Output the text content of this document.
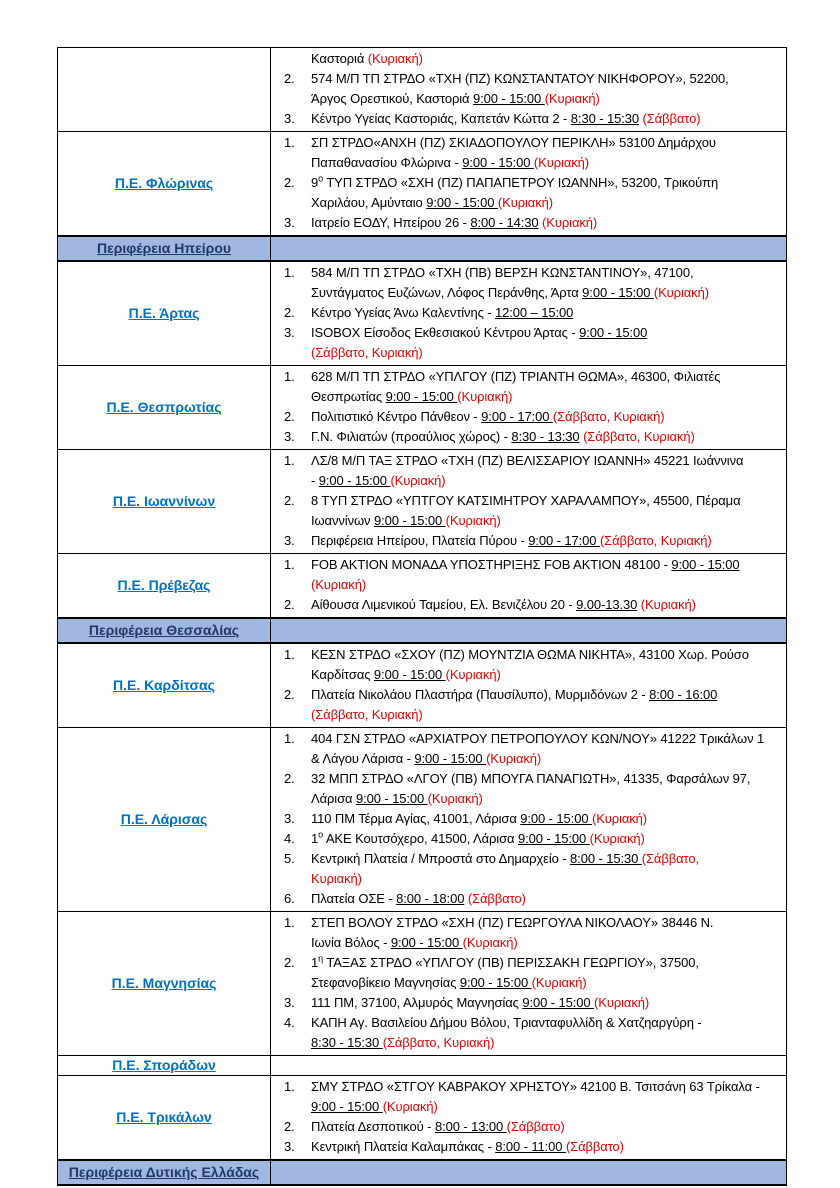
Καστοριά (Κυριακή)
2.	574 Μ/Π ΤΠ ΣΤΡΔΟ «ΤΧΗ (ΠΖ) ΚΩΝΣΤΑΝΤΑΤΟΥ ΝΙΚΗΦΟΡΟΥ», 52200,
Άργος Ορεστικού, Καστοριά 9:00 - 15:00 (Κυριακή)
3.	Κέντρο Υγείας Καστοριάς, Καπετάν Κώττα 2 - 8:30 - 15:30 (Σάββατο)

Π.Ε. Φλώρινας	
1.	ΣΠ ΣΤΡΔΟ«ΑΝΧΗ (ΠΖ) ΣΚΙΑΔΟΠΟΥΛΟΥ ΠΕΡΙΚΛΗ» 53100 Δημάρχου
Παπαθανασίου Φλώρινα - 9:00 - 15:00 (Κυριακή)
2.	$9^o$ ΤΥΠ ΣΤΡΔΟ «ΣΧΗ (ΠΖ) ΠΑΠΑΠΕΤΡΟΥ ΙΩΑΝΝΗ», 53200, Τρικούπη
Χαριλάου, Αμύνταιο 9:00 - 15:00 (Κυριακή)
3.	Ιατρείο ΕΟΔΥ, Ηπείρου 26 - 8:00 - 14:30 (Κυριακή)

Περιφέρεια Ηπείρου	
Π.Ε. Άρτας	
1.	584 Μ/Π ΤΠ ΣΤΡΔΟ «ΤΧΗ (ΠΒ) ΒΕΡΣΗ ΚΩΝΣΤΑΝΤΙΝΟΥ», 47100,
Συντάγματος Ευζώνων, Λόφος Περάνθης, Άρτα 9:00 - 15:00 (Κυριακή)
2.	Κέντρο Υγείας Άνω Καλεντίνης - 12:00 – 15:00
3.	ISOBOX Είσοδος Εκθεσιακού Κέντρου Άρτας - 9:00 - 15:00
(Σάββατο, Κυριακή)

Π.Ε. Θεσπρωτίας	
1.	628 Μ/Π ΤΠ ΣΤΡΔΟ «ΥΠΛΓΟΥ (ΠΖ) ΤΡΙΑΝΤΗ ΘΩΜΑ», 46300, Φιλιατές
Θεσπρωτίας 9:00 - 15:00 (Κυριακή)
2.	Πολιτιστικό Κέντρο Πάνθεον - 9:00 - 17:00 (Σάββατο, Κυριακή)
3.	Γ.Ν. Φιλιατών (προαύλιος χώρος) - 8:30 - 13:30 (Σάββατο, Κυριακή)

Π.Ε. Ιωαννίνων	
1.	ΛΣ/8 Μ/Π ΤΑΞ ΣΤΡΔΟ «ΤΧΗ (ΠΖ) ΒΕΛΙΣΣΑΡΙΟΥ ΙΩΑΝΝΗ» 45221 Ιωάννινα
- 9:00 - 15:00 (Κυριακή)
2.	8 ΤΥΠ ΣΤΡΔΟ «ΥΠΤΓΟΥ ΚΑΤΣΙΜΗΤΡΟΥ ΧΑΡΑΛΑΜΠΟΥ», 45500, Πέραμα
Ιωαννίνων 9:00 - 15:00 (Κυριακή)
3.	Περιφέρεια Ηπείρου, Πλατεία Πύρου - 9:00 - 17:00 (Σάββατο, Κυριακή)

Π.Ε. Πρέβεζας	1. FOB AKTION ΜΟΝΑΔΑ ΥΠΟΣΤΗΡΙΞΗΣ FOB AKTION 48100 - 9:00 - 15:00
(Κυριακή)
2. Αίθουσα Λιμενικού Ταμείου, Ελ. Βενιζέλου 20 - 9.00-13.30 (Κυριακή)

Περιφέρεια Θεσσαλίας	
Π.Ε. Καρδίτσας	
1.	ΚΕΣΝ ΣΤΡΔΟ «ΣΧΟΥ (ΠΖ) ΜΟΥΝΤΖΙΑ ΘΩΜΑ ΝΙΚΗΤΑ», 43100 Χωρ. Ρούσο
Καρδίτσας 9:00 - 15:00 (Κυριακή)
2.	Πλατεία Νικολάου Πλαστήρα (Παυσίλυπο), Μυρμιδόνων 2 - 8:00 - 16:00
(Σάββατο, Κυριακή)

Π.Ε. Λάρισας	
1.	404 ΓΣΝ ΣΤΡΔΟ «ΑΡΧΙΑΤΡΟΥ ΠΕΤΡΟΠΟΥΛΟΥ ΚΩΝ/ΝΟΥ» 41222 Τρικάλων 1
& Λάγου Λάρισα - 9:00 - 15:00 (Κυριακή)
2.	32 ΜΠΠ ΣΤΡΔΟ «ΛΓΟΥ (ΠΒ) ΜΠΟΥΓΑ ΠΑΝΑΓΙΩΤΗ», 41335, Φαρσάλων 97,
Λάρισα 9:00 - 15:00 (Κυριακή)
3.	110 ΠΜ Τέρμα Αγίας, 41001, Λάρισα 9:00 - 15:00 (Κυριακή)
4.	$1^o$ ΑΚΕ Κουτσόχερο, 41500, Λάρισα 9:00 - 15:00 (Κυριακή)
5.	Κεντρική Πλατεία / Μπροστά στο Δημαρχείο - 8:00 - 15:30 (Σάββατο,
Κυριακή)
6.	Πλατεία ΟΣΕ - 8:00 - 18:00 (Σάββατο)

Π.Ε. Μαγνησίας	
1.	ΣΤΕΠ ΒΟΛΟΥ ΣΤΡΔΟ «ΣΧΗ (ΠΖ) ΓΕΩΡΓΟΥΛΑ ΝΙΚΟΛΑΟΥ» 38446 Ν.
Ιωνία Βόλος - 9:00 - 15:00 (Κυριακή)
2.	$1^\eta$ ΤΑΞΑΣ ΣΤΡΔΟ «ΥΠΛΓΟΥ (ΠΒ) ΠΕΡΙΣΣΑΚΗ ΓΕΩΡΓΙΟΥ», 37500,
Στεφανοβίκειο Μαγνησίας 9:00 - 15:00 (Κυριακή)
3.	111 ΠΜ, 37100, Αλμυρός Μαγνησίας 9:00 - 15:00 (Κυριακή)
4.	ΚΑΠΗ Αγ. Βασιλείου Δήμου Βόλου, Τριανταφυλλίδη & Χατζηαργύρη -
8:30 - 15:30 (Σάββατο, Κυριακή)

Π.Ε. Σποράδων	
Π.Ε. Τρικάλων	
1.	ΣΜΥ ΣΤΡΔΟ «ΣΤΓΟΥ ΚΑΒΡΑΚΟΥ ΧΡΗΣΤΟΥ» 42100 Β. Τσιτσάνη 63 Τρίκαλα -
9:00 - 15:00 (Κυριακή)
2.	Πλατεία Δεσποτικού - 8:00 - 13:00 (Σάββατο)
3.	Κεντρική Πλατεία Καλαμπάκας - 8:00 - 11:00 (Σάββατο)

Περιφέρεια Δυτικής Ελλάδας	
